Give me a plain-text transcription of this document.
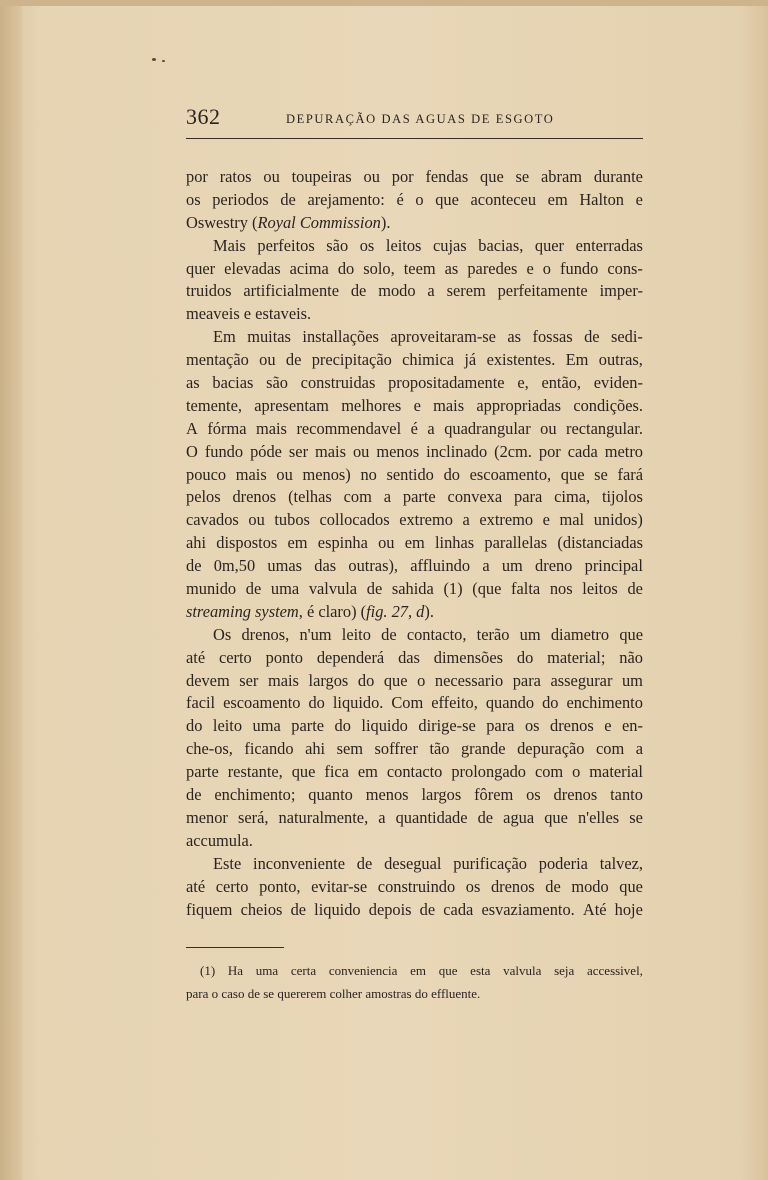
362	DEPURAÇÃO DAS AGUAS DE ESGOTO
por ratos ou toupeiras ou por fendas que se abram durante
os periodos de arejamento: é o que aconteceu em Halton e
Oswestry (Royal Commission).
Mais perfeitos são os leitos cujas bacias, quer enterradas
quer elevadas acima do solo, teem as paredes e o fundo cons-
truidos artificialmente de modo a serem perfeitamente imper-
meaveis e estaveis.
Em muitas installações aproveitaram-se as fossas de sedi-
mentação ou de precipitação chimica já existentes. Em outras,
as bacias são construidas propositadamente e, então, eviden-
temente, apresentam melhores e mais appropriadas condições.
A fórma mais recommendavel é a quadrangular ou rectangular.
O fundo póde ser mais ou menos inclinado (2cm. por cada metro
pouco mais ou menos) no sentido do escoamento, que se fará
pelos drenos (telhas com a parte convexa para cima, tijolos
cavados ou tubos collocados extremo a extremo e mal unidos)
ahi dispostos em espinha ou em linhas parallelas (distanciadas
de 0m,50 umas das outras), affluindo a um dreno principal
munido de uma valvula de sahida (1) (que falta nos leitos de
streaming system, é claro) (fig. 27, d).
Os drenos, n'um leito de contacto, terão um diametro que
até certo ponto dependerá das dimensões do material; não
devem ser mais largos do que o necessario para assegurar um
facil escoamento do liquido. Com effeito, quando do enchimento
do leito uma parte do liquido dirige-se para os drenos e en-
che-os, ficando ahi sem soffrer tão grande depuração com a
parte restante, que fica em contacto prolongado com o material
de enchimento; quanto menos largos fôrem os drenos tanto
menor será, naturalmente, a quantidade de agua que n'elles se
accumula.
Este inconveniente de desegual purificação poderia talvez,
até certo ponto, evitar-se construindo os drenos de modo que
fiquem cheios de liquido depois de cada esvaziamento. Até hoje
(1) Ha uma certa conveniencia em que esta valvula seja accessivel,
para o caso de se quererem colher amostras do effluente.
